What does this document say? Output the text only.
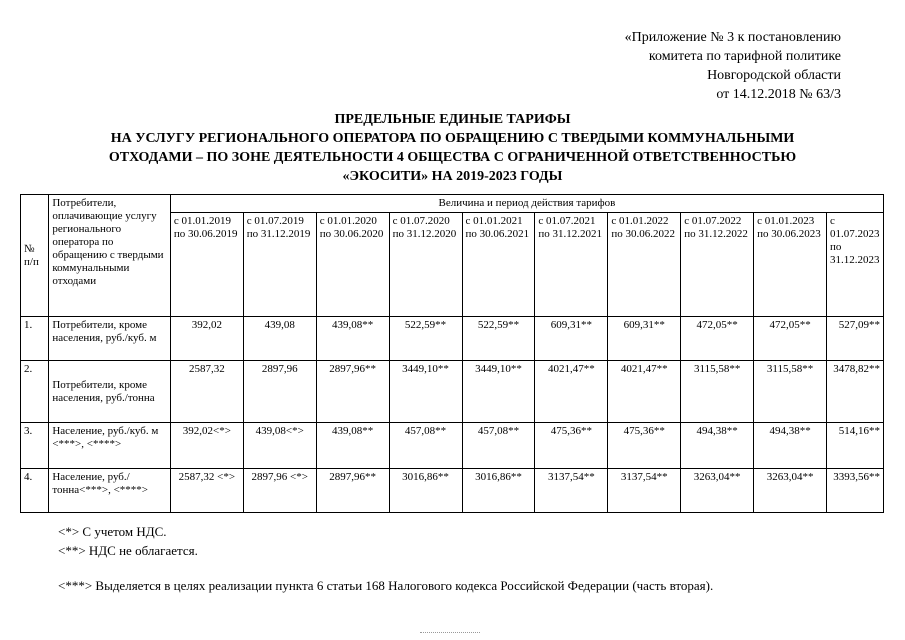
«Приложение № 3 к постановлению
комитета по тарифной политике
Новгородской области
от 14.12.2018 № 63/3
ПРЕДЕЛЬНЫЕ ЕДИНЫЕ ТАРИФЫ
НА УСЛУГУ РЕГИОНАЛЬНОГО ОПЕРАТОРА ПО ОБРАЩЕНИЮ С ТВЕРДЫМИ КОММУНАЛЬНЫМИ
ОТХОДАМИ – ПО ЗОНЕ ДЕЯТЕЛЬНОСТИ 4 ОБЩЕСТВА С ОГРАНИЧЕННОЙ ОТВЕТСТВЕННОСТЬЮ
«ЭКОСИТИ» НА 2019-2023 ГОДЫ
№ п/п	Потребители, оплачивающие услугу регионального оператора по обращению с твердыми коммунальными отходами	Величина и период действия тарифов									
		с 01.01.2019 по 30.06.2019	с 01.07.2019 по 31.12.2019	с 01.01.2020 по 30.06.2020	с 01.07.2020 по 31.12.2020	с 01.01.2021 по 30.06.2021	с 01.07.2021 по 31.12.2021	с 01.01.2022 по 30.06.2022	с 01.07.2022 по 31.12.2022	с 01.01.2023 по 30.06.2023	с 01.07.2023 по 31.12.2023
1.	Потребители, кроме населения, руб./куб. м	392,02	439,08	439,08**	522,59**	522,59**	609,31**	609,31**	472,05**	472,05**	527,09**
2.	Потребители, кроме населения, руб./тонна	2587,32	2897,96	2897,96**	3449,10**	3449,10**	4021,47**	4021,47**	3115,58**	3115,58**	3478,82**
3.	Население, руб./куб. м <***>, <****>	392,02<*>	439,08<*>	439,08**	457,08**	457,08**	475,36**	475,36**	494,38**	494,38**	514,16**
4.	Население, руб./тонна<***>, <****>	2587,32 <*>	2897,96 <*>	2897,96**	3016,86**	3016,86**	3137,54**	3137,54**	3263,04**	3263,04**	3393,56**
<*> С учетом НДС.
<**> НДС не облагается.
<***> Выделяется в целях реализации пункта 6 статьи 168 Налогового кодекса Российской Федерации (часть вторая).
